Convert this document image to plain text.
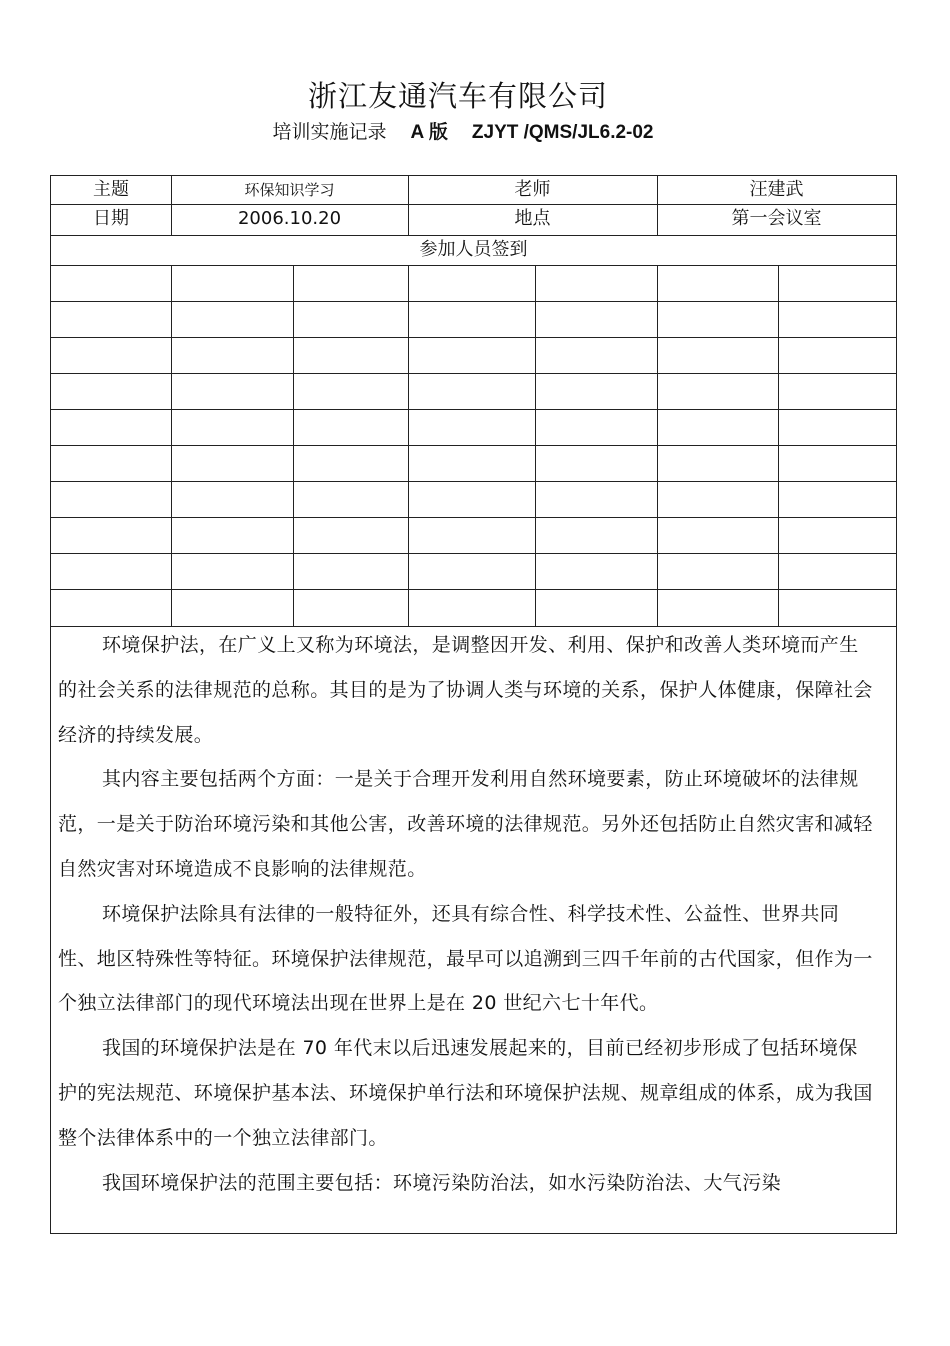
浙江友通汽车有限公司
培训实施记录 A 版 ZJYT /QMS/JL6.2-02
主题	环保知识学习	老师	汪建武
日期	2006.10.20	地点	第一会议室
参加人员签到

环境保护法，在广义上又称为环境法，是调整因开发、利用、保护和改善人类环境而产生的社会关系的法律规范的总称。其目的是为了协调人类与环境的关系，保护人体健康，保障社会经济的持续发展。

其内容主要包括两个方面：一是关于合理开发利用自然环境要素，防止环境破坏的法律规范，一是关于防治环境污染和其他公害，改善环境的法律规范。另外还包括防止自然灾害和减轻自然灾害对环境造成不良影响的法律规范。

环境保护法除具有法律的一般特征外，还具有综合性、科学技术性、公益性、世界共同性、地区特殊性等特征。环境保护法律规范，最早可以追溯到三四千年前的古代国家，但作为一个独立法律部门的现代环境法出现在世界上是在 20 世纪六七十年代。

我国的环境保护法是在 70 年代末以后迅速发展起来的，目前已经初步形成了包括环境保护的宪法规范、环境保护基本法、环境保护单行法和环境保护法规、规章组成的体系，成为我国整个法律体系中的一个独立法律部门。

我国环境保护法的范围主要包括：环境污染防治法，如水污染防治法、大气污染
